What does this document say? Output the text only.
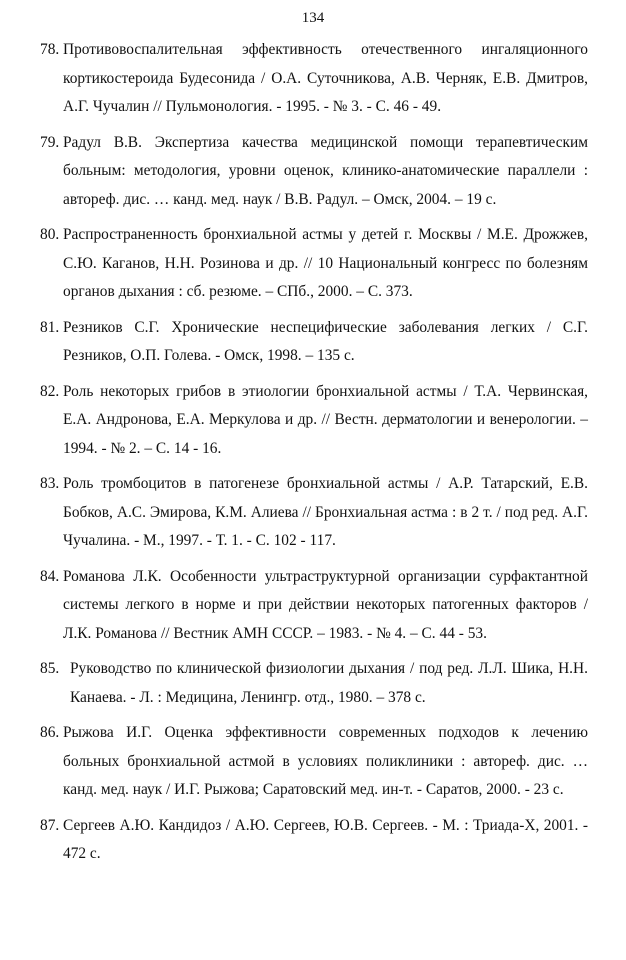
134
78. Противовоспалительная эффективность отечественного ингаляционного кортикостероида Будесонида / О.А. Суточникова, А.В. Черняк, Е.В. Дмитров, А.Г. Чучалин // Пульмонология. - 1995. - № 3. - С. 46 - 49.
79. Радул В.В. Экспертиза качества медицинской помощи терапевтическим больным: методология, уровни оценок, клинико-анатомические параллели : автореф. дис. … канд. мед. наук / В.В. Радул. – Омск, 2004. – 19 с.
80. Распространенность бронхиальной астмы у детей г. Москвы / М.Е. Дрожжев, С.Ю. Каганов, Н.Н. Розинова и др. // 10 Национальный конгресс по болезням органов дыхания : сб. резюме. – СПб., 2000. – С. 373.
81. Резников С.Г. Хронические неспецифические заболевания легких / С.Г. Резников, О.П. Голева. - Омск, 1998. – 135 с.
82. Роль некоторых грибов в этиологии бронхиальной астмы / Т.А. Червинская, Е.А. Андронова, Е.А. Меркулова и др. // Вестн. дерматологии и венерологии. – 1994. - № 2. – С. 14 - 16.
83. Роль тромбоцитов в патогенезе бронхиальной астмы / А.Р. Татарский, Е.В. Бобков, А.С. Эмирова, К.М. Алиева // Бронхиальная астма : в 2 т. / под ред. А.Г. Чучалина. - М., 1997. - Т. 1. - С. 102 - 117.
84. Романова Л.К. Особенности ультраструктурной организации сурфактантной системы легкого в норме и при действии некоторых патогенных факторов / Л.К. Романова // Вестник АМН СССР. – 1983. - № 4. – С. 44 - 53.
85. Руководство по клинической физиологии дыхания / под ред. Л.Л. Шика, Н.Н. Канаева. - Л. : Медицина, Ленингр. отд., 1980. – 378 с.
86. Рыжова И.Г. Оценка эффективности современных подходов к лечению больных бронхиальной астмой в условиях поликлиники : автореф. дис. … канд. мед. наук / И.Г. Рыжова; Саратовский мед. ин-т. - Саратов, 2000. - 23 с.
87. Сергеев А.Ю. Кандидоз / А.Ю. Сергеев, Ю.В. Сергеев. - М. : Триада-Х, 2001. - 472 с.
